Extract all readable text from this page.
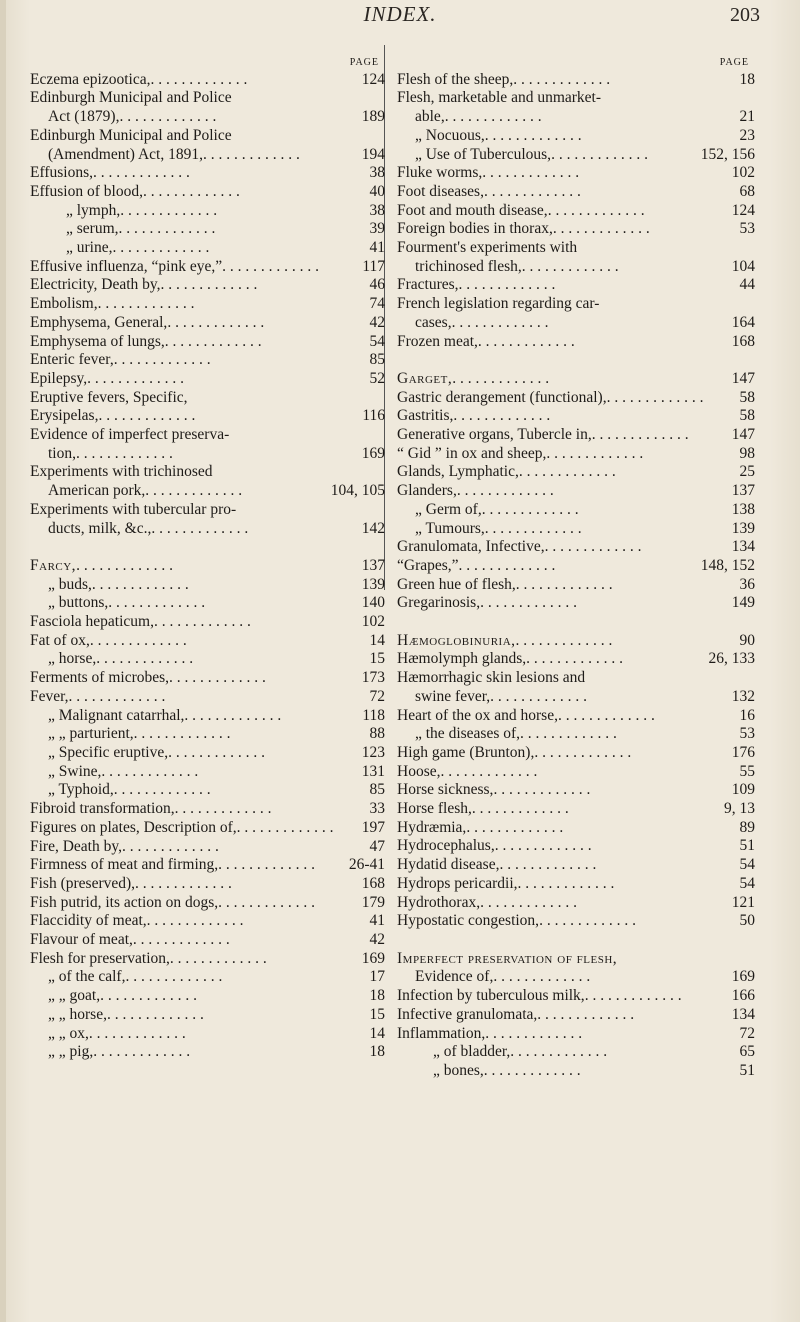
INDEX.	203
PAGE
Eczema epizootica, . .	124
Edinburgh Municipal and Police
Act (1879), . .	189
Edinburgh Municipal and Police
(Amendment) Act, 1891, . .	194
Effusions, . .	38
Effusion of blood, . .	40
„ lymph, . .	38
„ serum, . .	39
„ urine, . .	41
Effusive influenza, “pink eye,” . .	117
Electricity, Death by, . .	46
Embolism, . .	74
Emphysema, General, . .	42
Emphysema of lungs, . .	54
Enteric fever, . .	85
Epilepsy, . .	52
Eruptive fevers, Specific,
Erysipelas, . .	116
Evidence of imperfect preserva-
tion, . .	169
Experiments with trichinosed
American pork, . .	104, 105
Experiments with tubercular pro-
ducts, milk, &c., . .	142
Farcy, . .	137
„ buds, . .	139
„ buttons, . .	140
Fasciola hepaticum, . .	102
Fat of ox, . .	14
„ horse, . .	15
Ferments of microbes, . .	173
Fever, . .	72
„ Malignant catarrhal, . .	118
„ „ parturient, . .	88
„ Specific eruptive, . .	123
„ Swine, . .	131
„ Typhoid, . .	85
Fibroid transformation, . .	33
Figures on plates, Description of, . .	197
Fire, Death by, . .	47
Firmness of meat and firming, . .	26-41
Fish (preserved), . .	168
Fish putrid, its action on dogs, . .	179
Flaccidity of meat, . .	41
Flavour of meat, . .	42
Flesh for preservation, . .	169
„ of the calf, . .	17
„ „ goat, . .	18
„ „ horse, . .	15
„ „ ox, . .	14
„ „ pig, . .	18
PAGE
Flesh of the sheep, . .	18
Flesh, marketable and unmarket-
able, . .	21
„ Nocuous, . .	23
„ Use of Tuberculous, . .	152, 156
Fluke worms, . .	102
Foot diseases, . .	68
Foot and mouth disease, . .	124
Foreign bodies in thorax, . .	53
Fourment's experiments with
trichinosed flesh, . .	104
Fractures, . .	44
French legislation regarding car-
cases, . .	164
Frozen meat, . .	168
Garget, . .	147
Gastric derangement (functional), . .	58
Gastritis, . .	58
Generative organs, Tubercle in, . .	147
“ Gid ” in ox and sheep, . .	98
Glands, Lymphatic, . .	25
Glanders, . .	137
„ Germ of, . .	138
„ Tumours, . .	139
Granulomata, Infective, . .	134
“Grapes,” . .	148, 152
Green hue of flesh, . .	36
Gregarinosis, . .	149
Hæmoglobinuria, . .	90
Hæmolymph glands, . .	26, 133
Hæmorrhagic skin lesions and
swine fever, . .	132
Heart of the ox and horse, . .	16
„ the diseases of, . .	53
High game (Brunton), . .	176
Hoose, . .	55
Horse sickness, . .	109
Horse flesh, . .	9, 13
Hydræmia, . .	89
Hydrocephalus, . .	51
Hydatid disease, . .	54
Hydrops pericardii, . .	54
Hydrothorax, . .	121
Hypostatic congestion, . .	50
Imperfect preservation of flesh,
Evidence of, . .	169
Infection by tuberculous milk, . .	166
Infective granulomata, . .	134
Inflammation, . .	72
„ of bladder, . .	65
„ bones, . .	51
